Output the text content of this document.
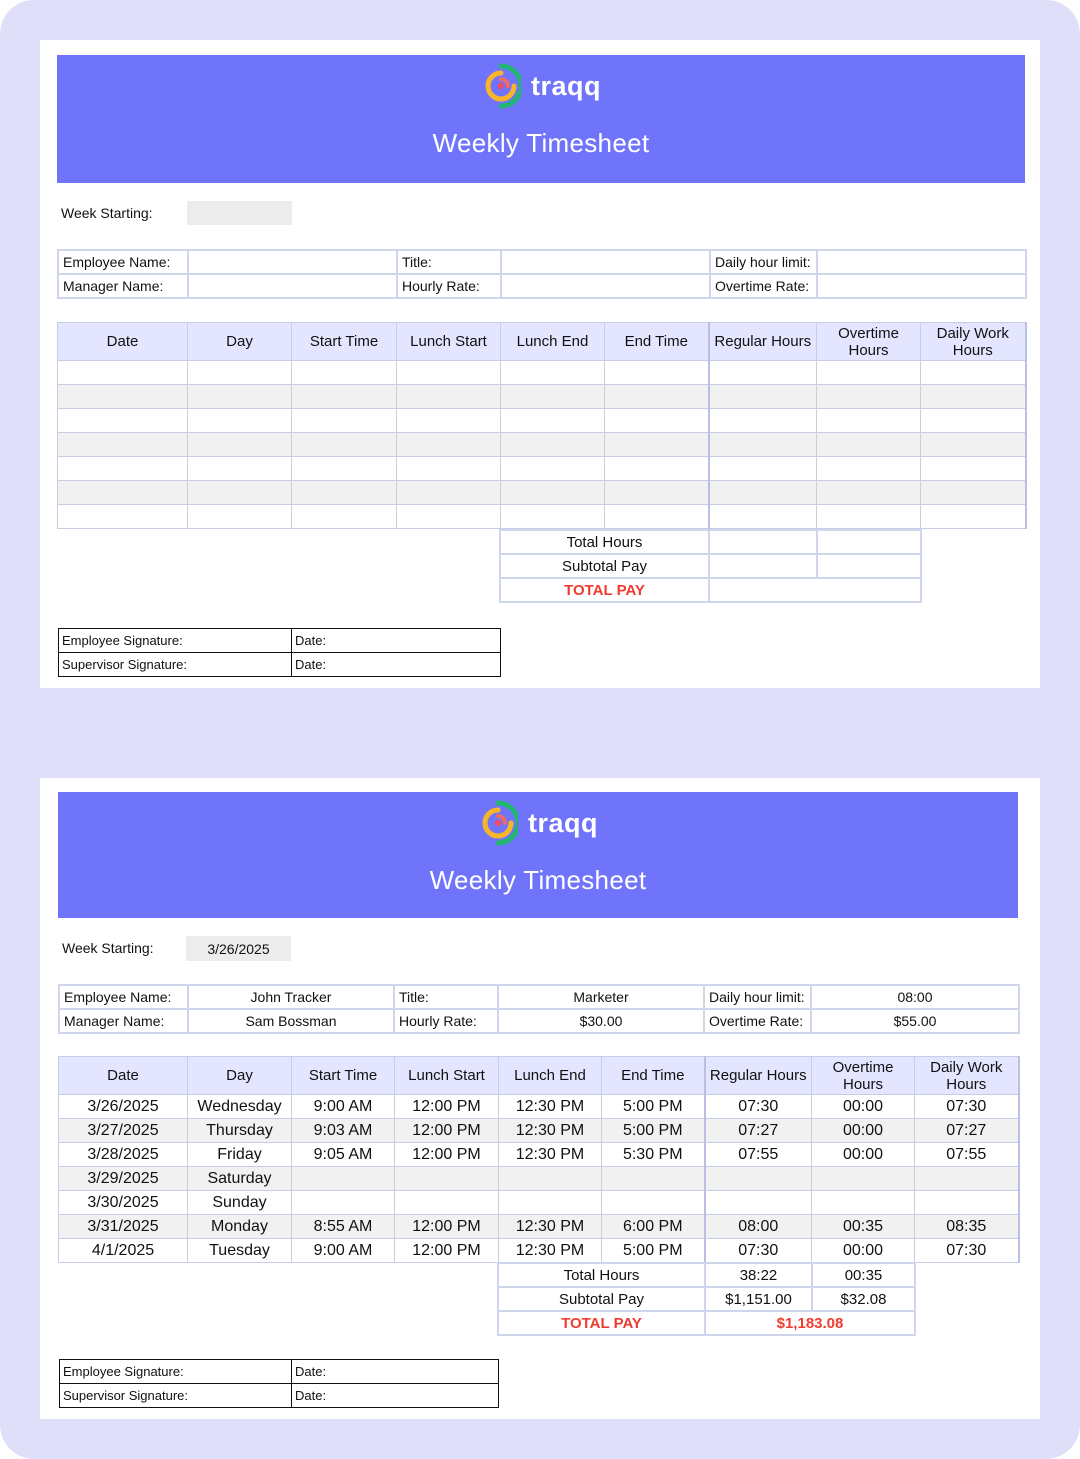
traqq
Weekly Timesheet
Week Starting:
Employee Name:		Title:		Daily hour limit:	
Manager Name:		Hourly Rate:		Overtime Rate:	
Date	Day	Start Time	Lunch Start	Lunch End	End Time	Regular Hours	Overtime Hours	Daily Work Hours

Total Hours		
Subtotal Pay		
TOTAL PAY		
Employee Signature:	Date:
Supervisor Signature:	Date:
traqq
Weekly Timesheet
Week Starting:	3/26/2025
Employee Name:	John Tracker	Title:	Marketer	Daily hour limit:	08:00
Manager Name:	Sam Bossman	Hourly Rate:	$30.00	Overtime Rate:	$55.00
Date	Day	Start Time	Lunch Start	Lunch End	End Time	Regular Hours	Overtime Hours	Daily Work Hours
3/26/2025	Wednesday	9:00 AM	12:00 PM	12:30 PM	5:00 PM	07:30	00:00	07:30
3/27/2025	Thursday	9:03 AM	12:00 PM	12:30 PM	5:00 PM	07:27	00:00	07:27
3/28/2025	Friday	9:05 AM	12:00 PM	12:30 PM	5:30 PM	07:55	00:00	07:55
3/29/2025	Saturday							
3/30/2025	Sunday							
3/31/2025	Monday	8:55 AM	12:00 PM	12:30 PM	6:00 PM	08:00	00:35	08:35
4/1/2025	Tuesday	9:00 AM	12:00 PM	12:30 PM	5:00 PM	07:30	00:00	07:30
Total Hours	38:22	00:35
Subtotal Pay	$1,151.00	$32.08
TOTAL PAY	$1,183.08	
Employee Signature:	Date:
Supervisor Signature:	Date:
